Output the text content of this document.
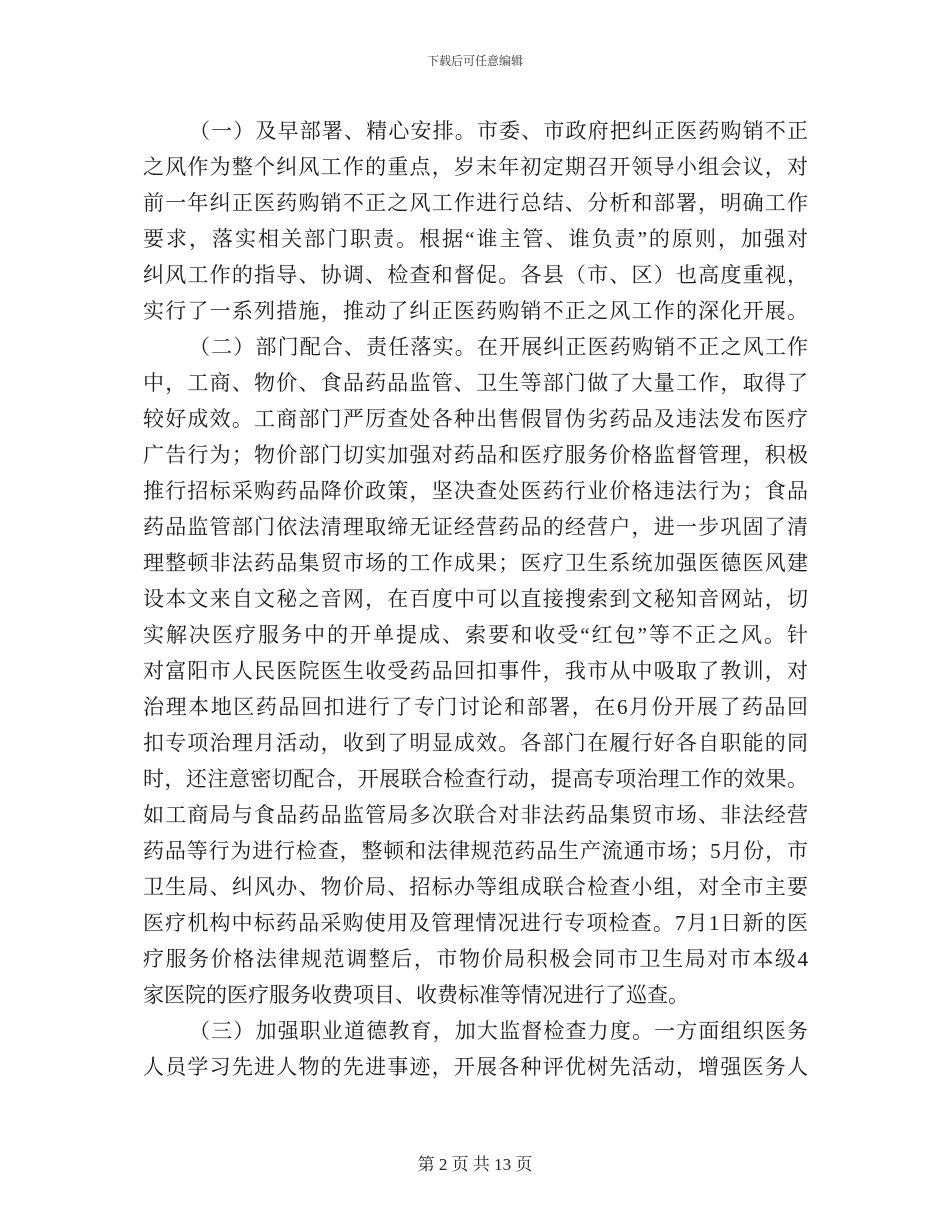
下载后可任意编辑
（一）及早部署、精心安排。市委、市政府把纠正医药购销不正
之风作为整个纠风工作的重点，岁末年初定期召开领导小组会议，对
前一年纠正医药购销不正之风工作进行总结、分析和部署，明确工作
要求，落实相关部门职责。根据“谁主管、谁负责”的原则，加强对
纠风工作的指导、协调、检查和督促。各县（市、区）也高度重视，
实行了一系列措施，推动了纠正医药购销不正之风工作的深化开展。
（二）部门配合、责任落实。在开展纠正医药购销不正之风工作
中，工商、物价、食品药品监管、卫生等部门做了大量工作，取得了
较好成效。工商部门严厉查处各种出售假冒伪劣药品及违法发布医疗
广告行为；物价部门切实加强对药品和医疗服务价格监督管理，积极
推行招标采购药品降价政策，坚决查处医药行业价格违法行为；食品
药品监管部门依法清理取缔无证经营药品的经营户，进一步巩固了清
理整顿非法药品集贸市场的工作成果；医疗卫生系统加强医德医风建
设本文来自文秘之音网，在百度中可以直接搜索到文秘知音网站，切
实解决医疗服务中的开单提成、索要和收受“红包”等不正之风。针
对富阳市人民医院医生收受药品回扣事件，我市从中吸取了教训，对
治理本地区药品回扣进行了专门讨论和部署，在6月份开展了药品回
扣专项治理月活动，收到了明显成效。各部门在履行好各自职能的同
时，还注意密切配合，开展联合检查行动，提高专项治理工作的效果。
如工商局与食品药品监管局多次联合对非法药品集贸市场、非法经营
药品等行为进行检查，整顿和法律规范药品生产流通市场；5月份，市
卫生局、纠风办、物价局、招标办等组成联合检查小组，对全市主要
医疗机构中标药品采购使用及管理情况进行专项检查。7月1日新的医
疗服务价格法律规范调整后，市物价局积极会同市卫生局对市本级4
家医院的医疗服务收费项目、收费标准等情况进行了巡查。
（三）加强职业道德教育，加大监督检查力度。一方面组织医务
人员学习先进人物的先进事迹，开展各种评优树先活动，增强医务人
第 2 页 共 13 页
